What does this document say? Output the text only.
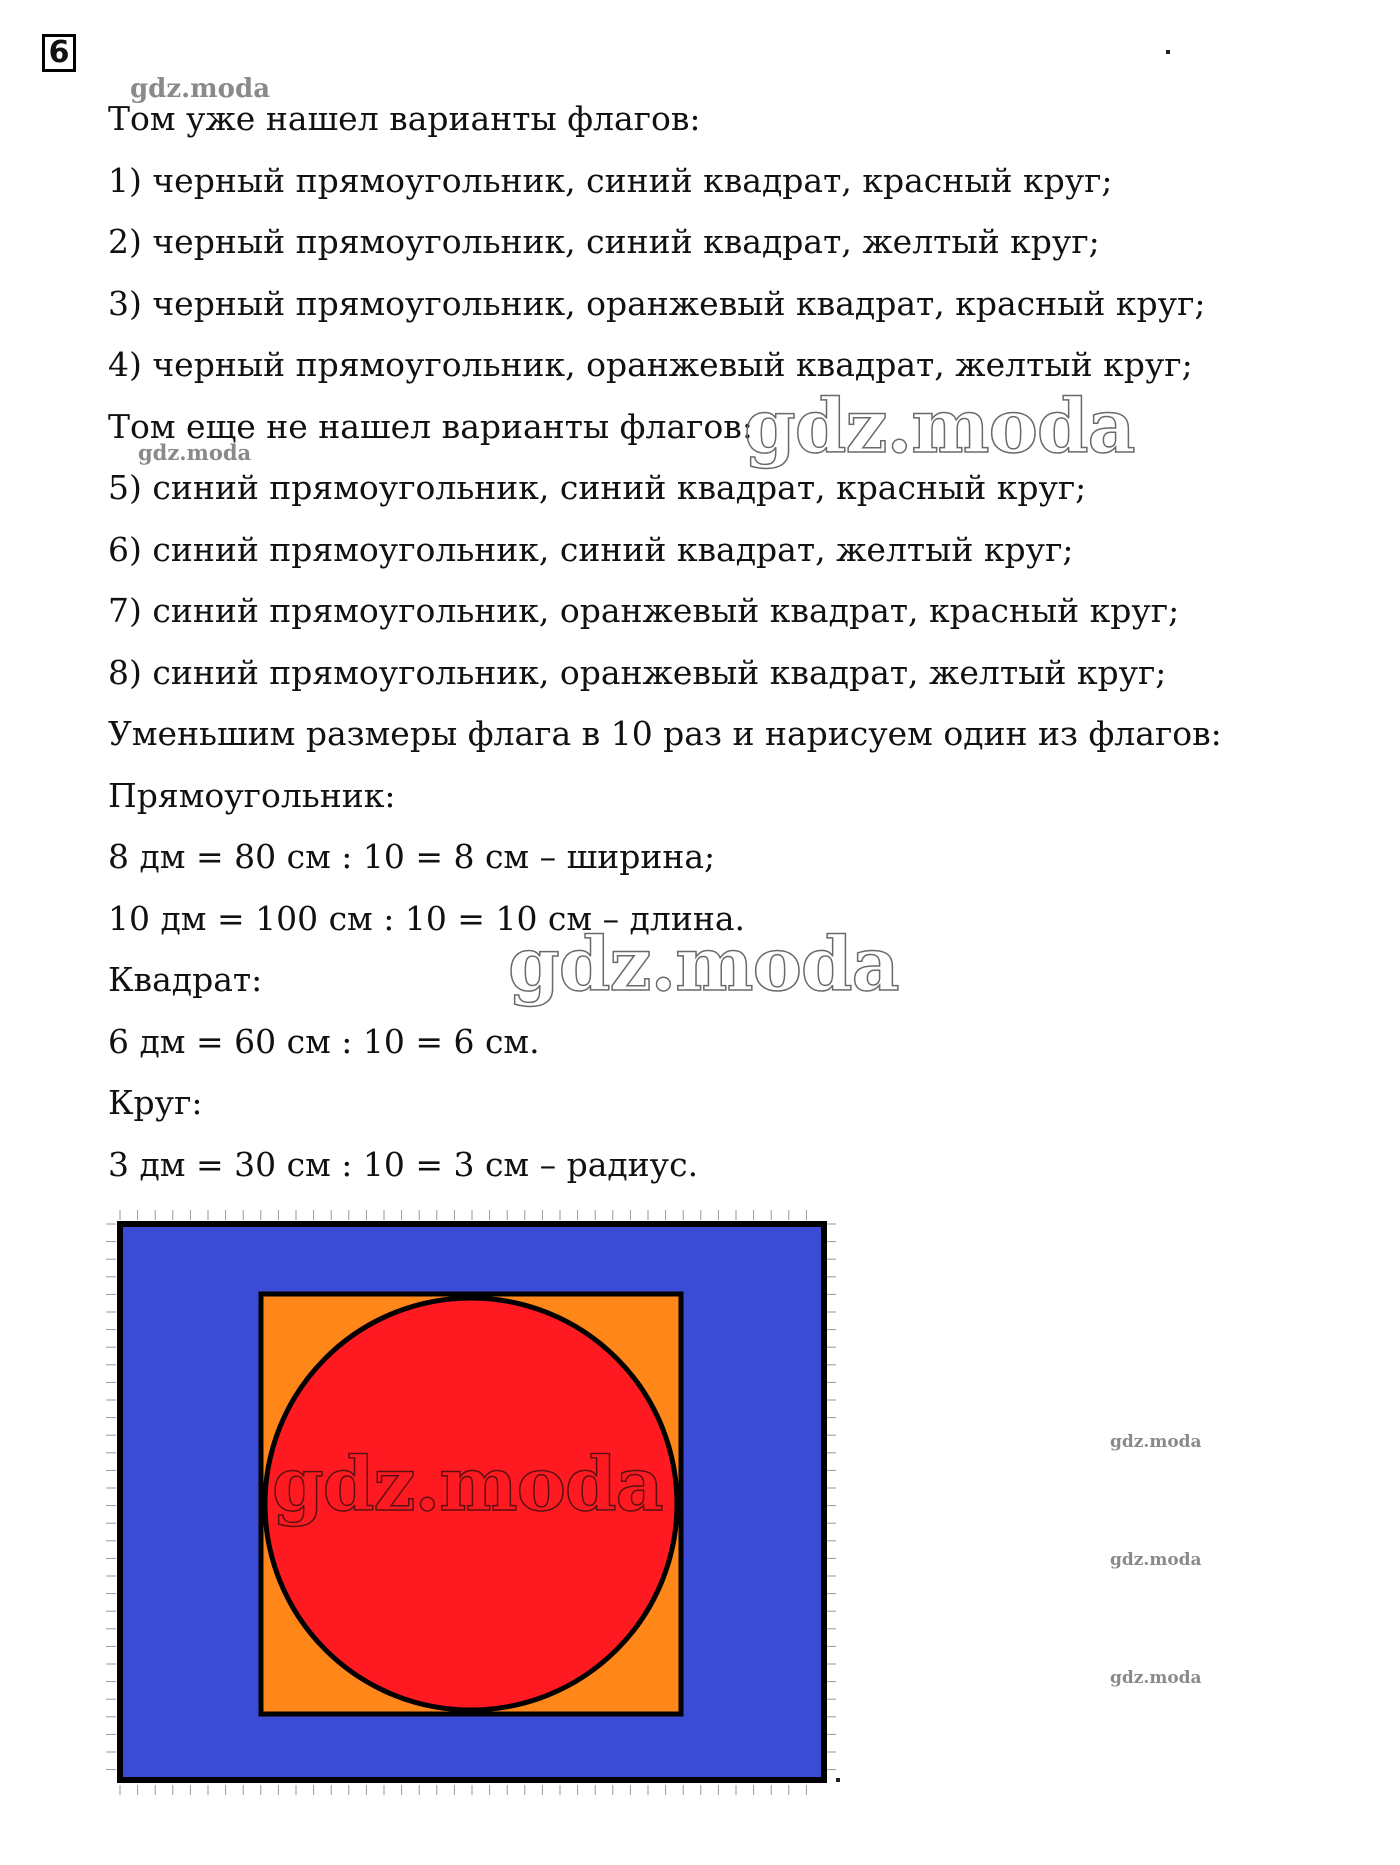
6
Том уже нашел варианты флагов:
1) черный прямоугольник, синий квадрат, красный круг;
2) черный прямоугольник, синий квадрат, желтый круг;
3) черный прямоугольник, оранжевый квадрат, красный круг;
4) черный прямоугольник, оранжевый квадрат, желтый круг;
Том еще не нашел варианты флагов:
5) синий прямоугольник, синий квадрат, красный круг;
6) синий прямоугольник, синий квадрат, желтый круг;
7) синий прямоугольник, оранжевый квадрат, красный круг;
8) синий прямоугольник, оранжевый квадрат, желтый круг;
Уменьшим размеры флага в 10 раз и нарисуем один из флагов:
Прямоугольник:
8 дм = 80 см : 10 = 8 см – ширина;
10 дм = 100 см : 10 = 10 см – длина.
Квадрат:
6 дм = 60 см : 10 = 6 см.
Круг:
3 дм = 30 см : 10 = 3 см – радиус.
gdz.moda
gdz.moda
gdz.moda
gdz.moda
gdz.moda	gdz.moda
gdz.moda
gdz.moda
